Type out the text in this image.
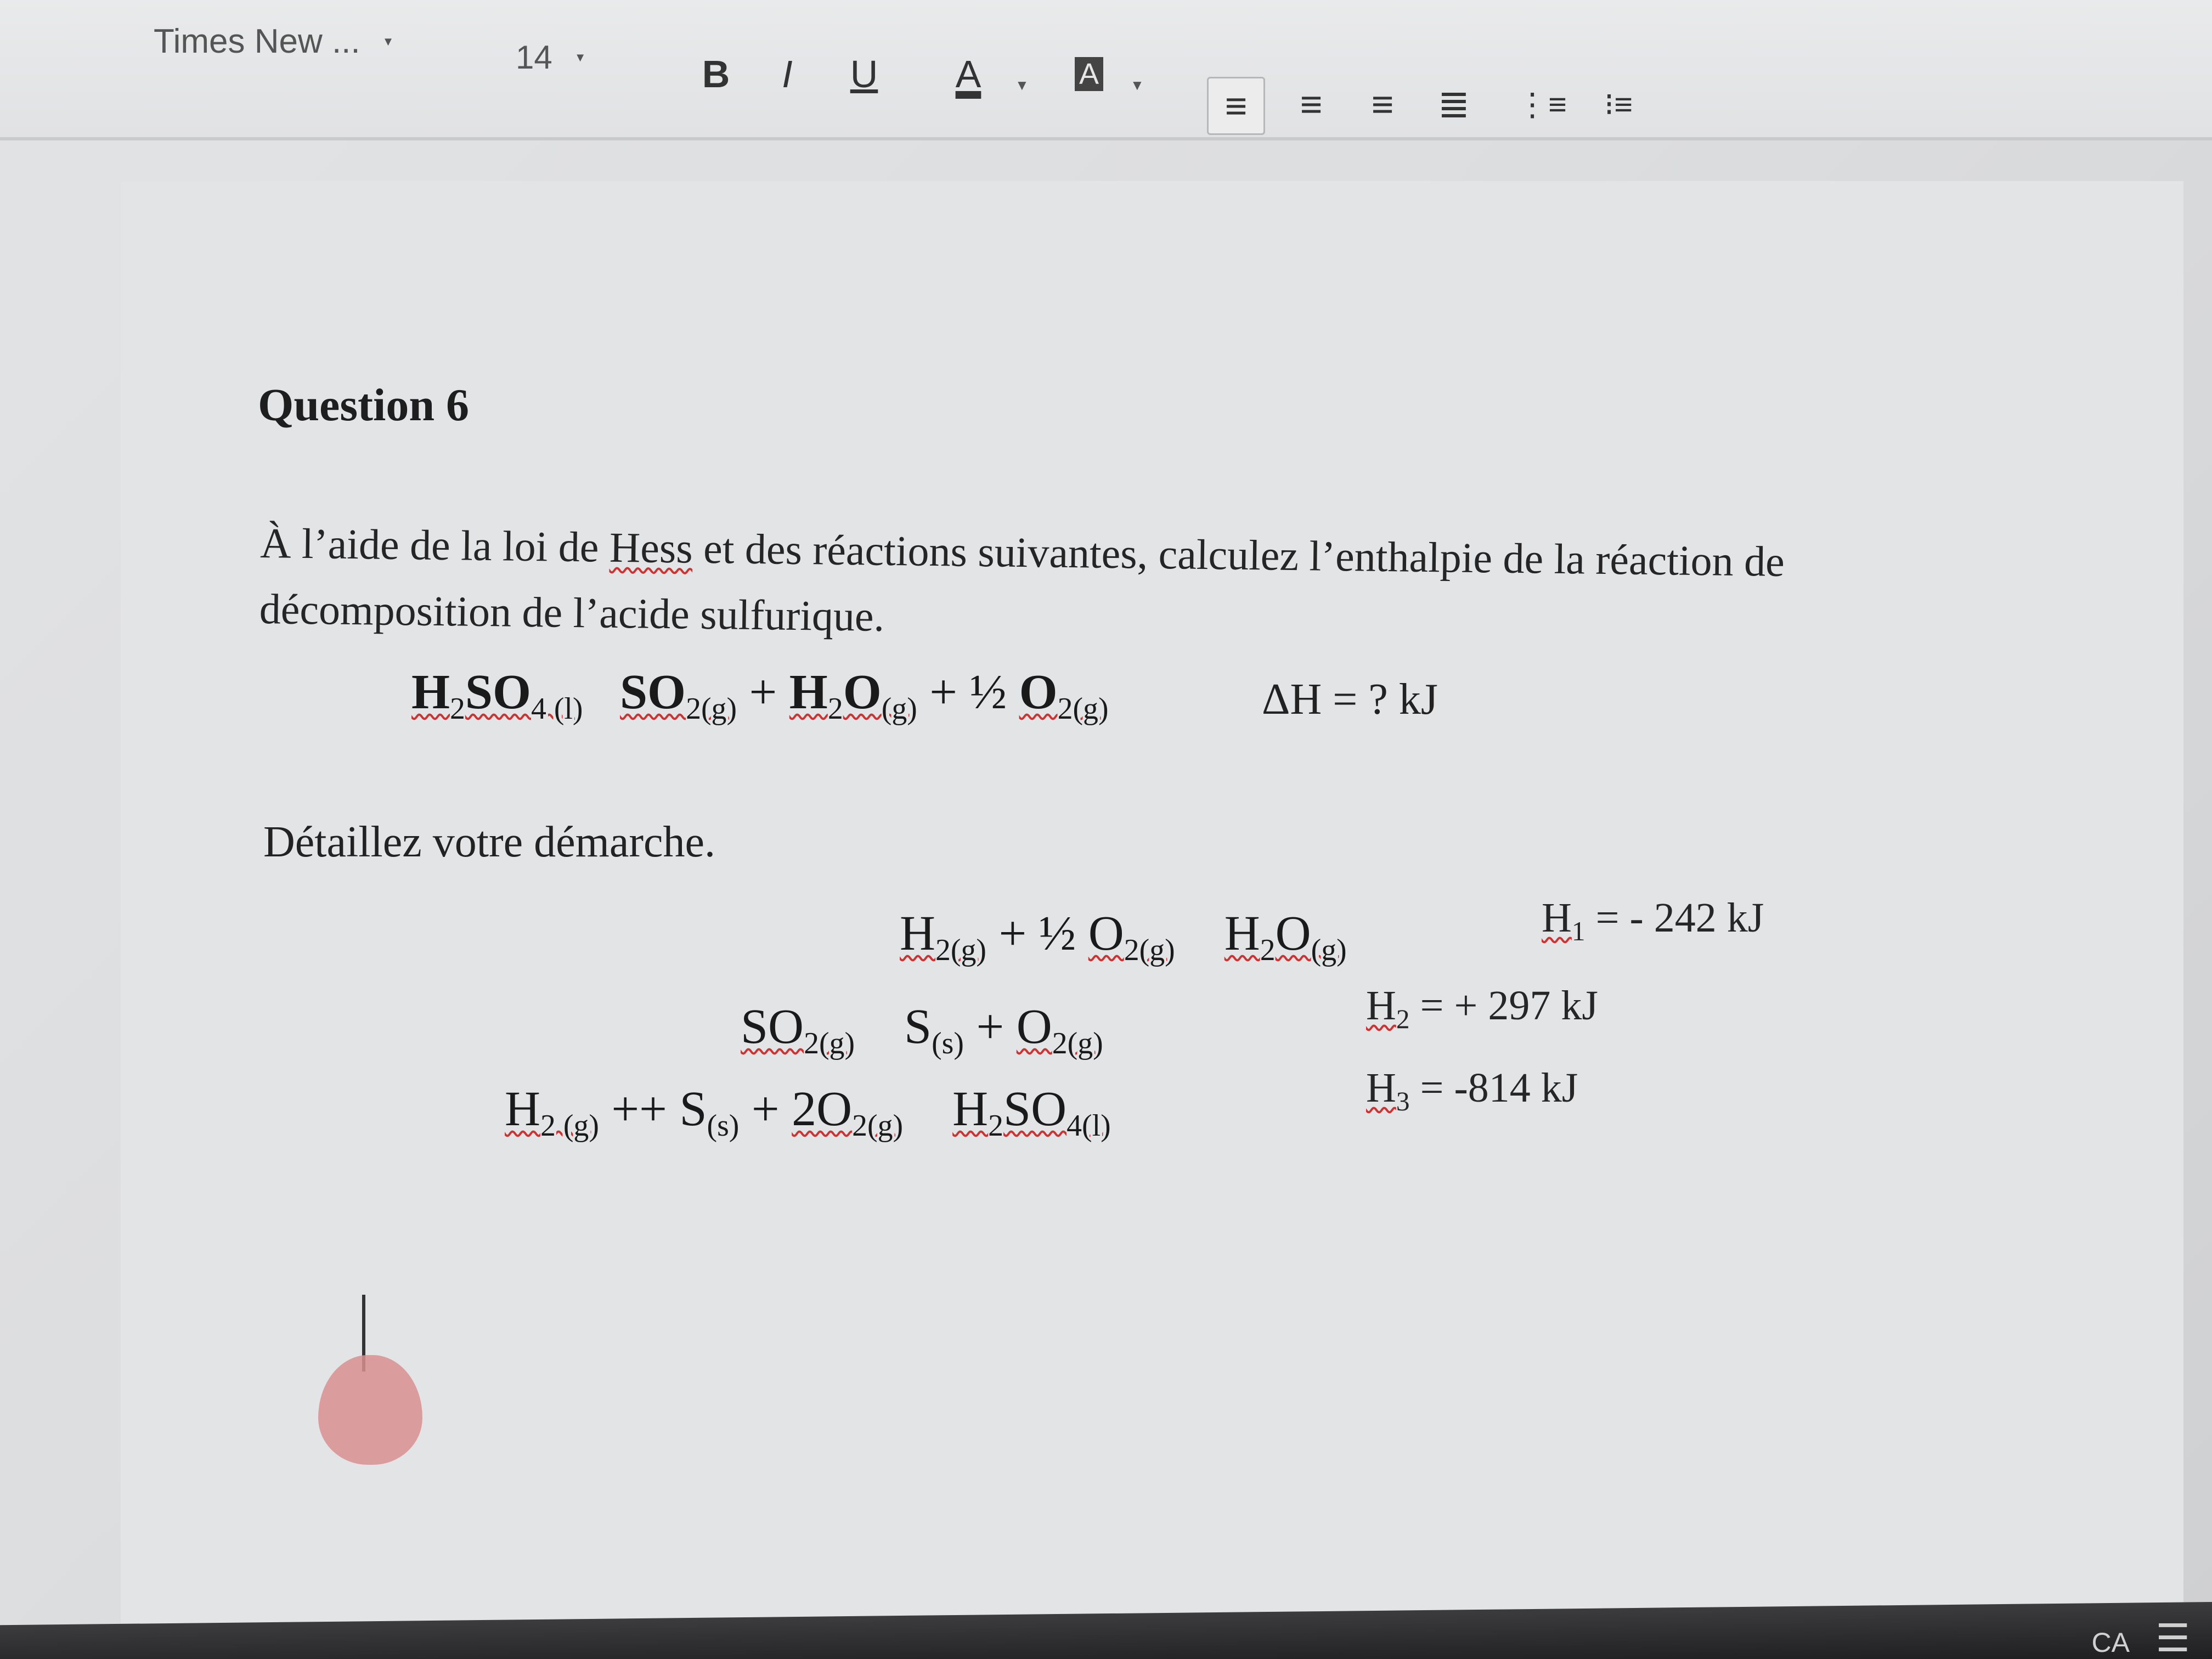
Times New ... ▼	14 ▼	B	I	U	A	▼ A	▼	≡	≡	≡	≣	⋮≡	⁝≡
Question 6
À l’aide de la loi de Hess et des réactions suivantes, calculez l’enthalpie de la réaction de
décomposition de l’acide sulfurique.
$H_2SO_{4 (l)}$ $SO_{2(g)} + H_2O_{(g)}$ + ½ $O_{2(g)}$	ΔH = ? kJ
Détaillez votre démarche.
$H_{2(g)}$ + ½ $O_{2(g)}$ $H_2O_{(g)}$
$H_1$ = - 242 kJ
$SO_{2(g)}$ $S_{(s)} + O_{2(g)}$
$H_2$ = + 297 kJ
$H_{2 (g)} ++ S_{(s)} + 2O_{2(g)}$ $H_2SO_{4(l)}$
$H_3 = -814$ kJ
CA ☰
